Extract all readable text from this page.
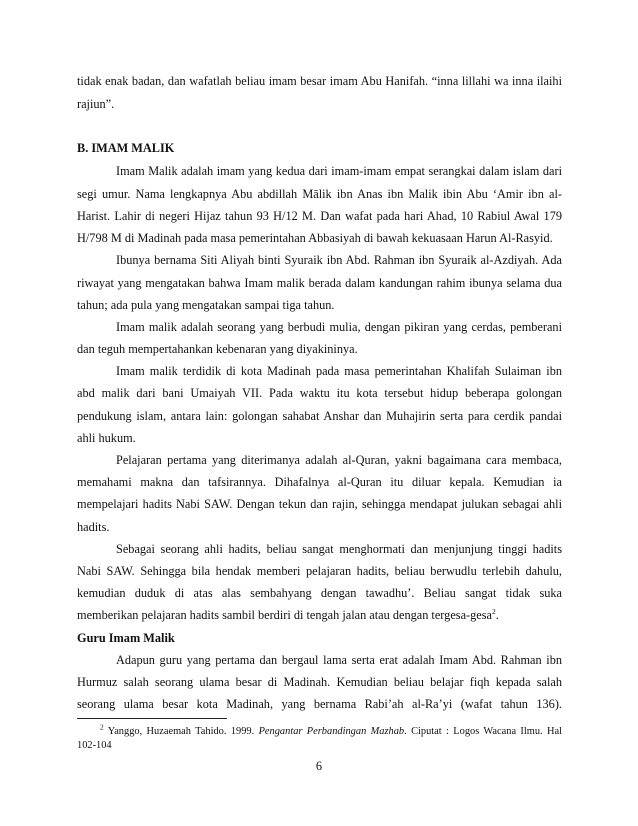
tidak enak badan, dan wafatlah beliau imam besar imam Abu Hanifah. “inna lillahi wa inna ilaihi
rajiun”.
B. IMAM MALIK
Imam Malik adalah imam yang kedua dari imam-imam empat serangkai dalam islam dari
segi umur. Nama lengkapnya Abu abdillah Mālik ibn Anas ibn Malik ibin Abu ‘Amir ibn al-
Harist. Lahir di negeri Hijaz tahun 93 H/12 M. Dan wafat pada hari Ahad, 10 Rabiul Awal 179
H/798 M di Madinah pada masa pemerintahan Abbasiyah di bawah kekuasaan Harun Al-Rasyid.
Ibunya bernama Siti Aliyah binti Syuraik ibn Abd. Rahman ibn Syuraik al-Azdiyah. Ada
riwayat yang mengatakan bahwa Imam malik berada dalam kandungan rahim ibunya selama dua
tahun; ada pula yang mengatakan sampai tiga tahun.
Imam malik adalah seorang yang berbudi mulia, dengan pikiran yang cerdas, pemberani
dan teguh mempertahankan kebenaran yang diyakininya.
Imam malik terdidik di kota Madinah pada masa pemerintahan Khalifah Sulaiman ibn
abd malik dari bani Umaiyah VII. Pada waktu itu kota tersebut hidup beberapa golongan
pendukung islam, antara lain: golongan sahabat Anshar dan Muhajirin serta para cerdik pandai
ahli hukum.
Pelajaran pertama yang diterimanya adalah al-Quran, yakni bagaimana cara membaca,
memahami makna dan tafsirannya. Dihafalnya al-Quran itu diluar kepala. Kemudian ia
mempelajari hadits Nabi SAW. Dengan tekun dan rajin, sehingga mendapat julukan sebagai ahli
hadits.
Sebagai seorang ahli hadits, beliau sangat menghormati dan menjunjung tinggi hadits
Nabi SAW. Sehingga bila hendak memberi pelajaran hadits, beliau berwudlu terlebih dahulu,
kemudian duduk di atas alas sembahyang dengan tawadhu’. Beliau sangat tidak suka
memberikan pelajaran hadits sambil berdiri di tengah jalan atau dengan tergesa-gesa$^2$.
Guru Imam Malik
Adapun guru yang pertama dan bergaul lama serta erat adalah Imam Abd. Rahman ibn
Hurmuz salah seorang ulama besar di Madinah. Kemudian beliau belajar fiqh kepada salah
seorang ulama besar kota Madinah, yang bernama Rabi’ah al-Ra’yi (wafat tahun 136).
$^2$ Yanggo, Huzaemah Tahido. 1999. Pengantar Perbandingan Mazhab. Ciputat : Logos Wacana Ilmu. Hal
102-104
6
